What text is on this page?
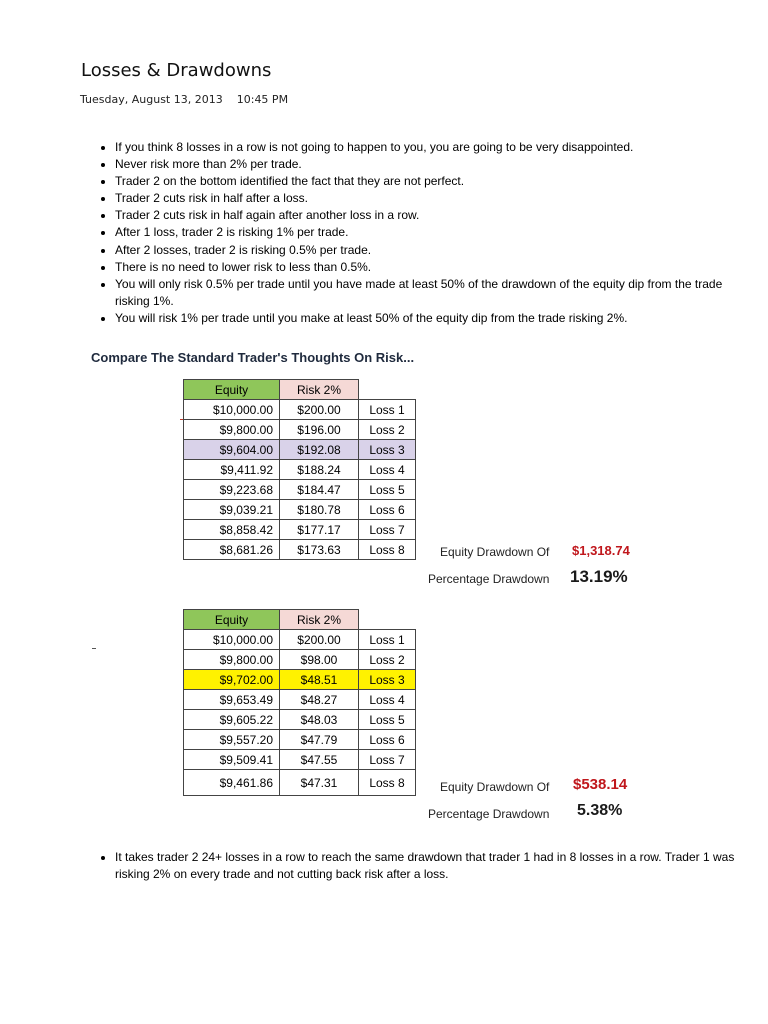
Losses & Drawdowns
Tuesday, August 13, 2013 10:45 PM
• If you think 8 losses in a row is not going to happen to you, you are going to be very disappointed.
• Never risk more than 2% per trade.
• Trader 2 on the bottom identified the fact that they are not perfect.
• Trader 2 cuts risk in half after a loss.
• Trader 2 cuts risk in half again after another loss in a row.
• After 1 loss, trader 2 is risking 1% per trade.
• After 2 losses, trader 2 is risking 0.5% per trade.
• There is no need to lower risk to less than 0.5%.
• You will only risk 0.5% per trade until you have made at least 50% of the drawdown of the equity dip from the trade risking 1%.
• You will risk 1% per trade until you make at least 50% of the equity dip from the trade risking 2%.
Compare The Standard Trader's Thoughts On Risk...
Equity	Risk 2%	
$10,000.00	$200.00	Loss 1
$9,800.00	$196.00	Loss 2
$9,604.00	$192.08	Loss 3
$9,411.92	$188.24	Loss 4
$9,223.68	$184.47	Loss 5
$9,039.21	$180.78	Loss 6
$8,858.42	$177.17	Loss 7
$8,681.26	$173.63	Loss 8	Equity Drawdown Of $1,318.74
Percentage Drawdown 13.19%
Equity	Risk 2%	
$10,000.00	$200.00	Loss 1
$9,800.00	$98.00	Loss 2
$9,702.00	$48.51	Loss 3
$9,653.49	$48.27	Loss 4
$9,605.22	$48.03	Loss 5
$9,557.20	$47.79	Loss 6
$9,509.41	$47.55	Loss 7
$9,461.86	$47.31	Loss 8	Equity Drawdown Of $538.14
Percentage Drawdown 5.38%
• It takes trader 2 24+ losses in a row to reach the same drawdown that trader 1 had in 8 losses in a row. Trader 1 was risking 2% on every trade and not cutting back risk after a loss.
